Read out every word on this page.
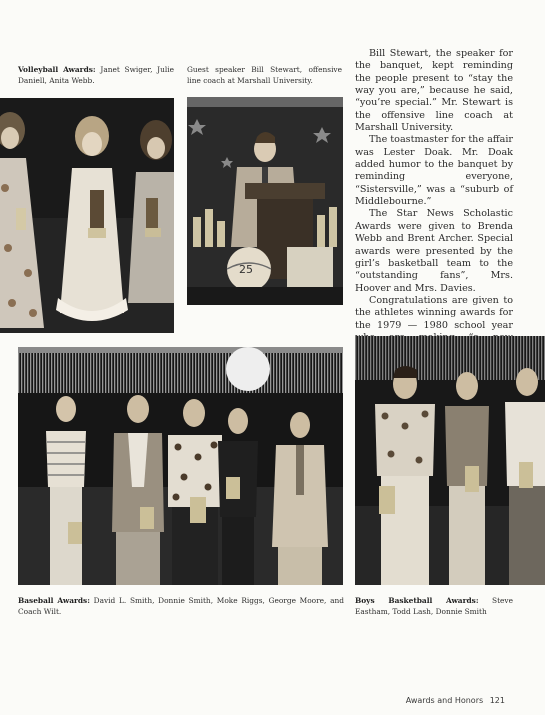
Volleyball Awards: Janet Swiger, Julie Daniell, Anita Webb.
Guest speaker Bill Stewart, offensive line coach at Marshall University.

Bill Stewart, the speaker for the banquet, kept reminding the people present to “stay the way you are,” because he said, “you’re special.” Mr. Stewart is the offensive line coach at Marshall University.

The toastmaster for the affair was Lester Doak. Mr. Doak added humor to the banquet by reminding everyone, “Sistersville,” was a “suburb of Middlebourne.”

The Star News Scholastic Awards were given to Brenda Webb and Brent Archer. Special awards were presented by the girl’s basketball team to the “outstanding fans”, Mrs. Hoover and Mrs. Davies.

Congratulations are given to the athletes winning awards for the 1979 — 1980 school year

25
Baseball Awards: David L. Smith, Donnie Smith, Moke Riggs, George Moore, and Coach Wilt.
Boys Basketball Awards: Steve Eastham, Todd Lash, Donnie Smith
Awards and Honors 121
